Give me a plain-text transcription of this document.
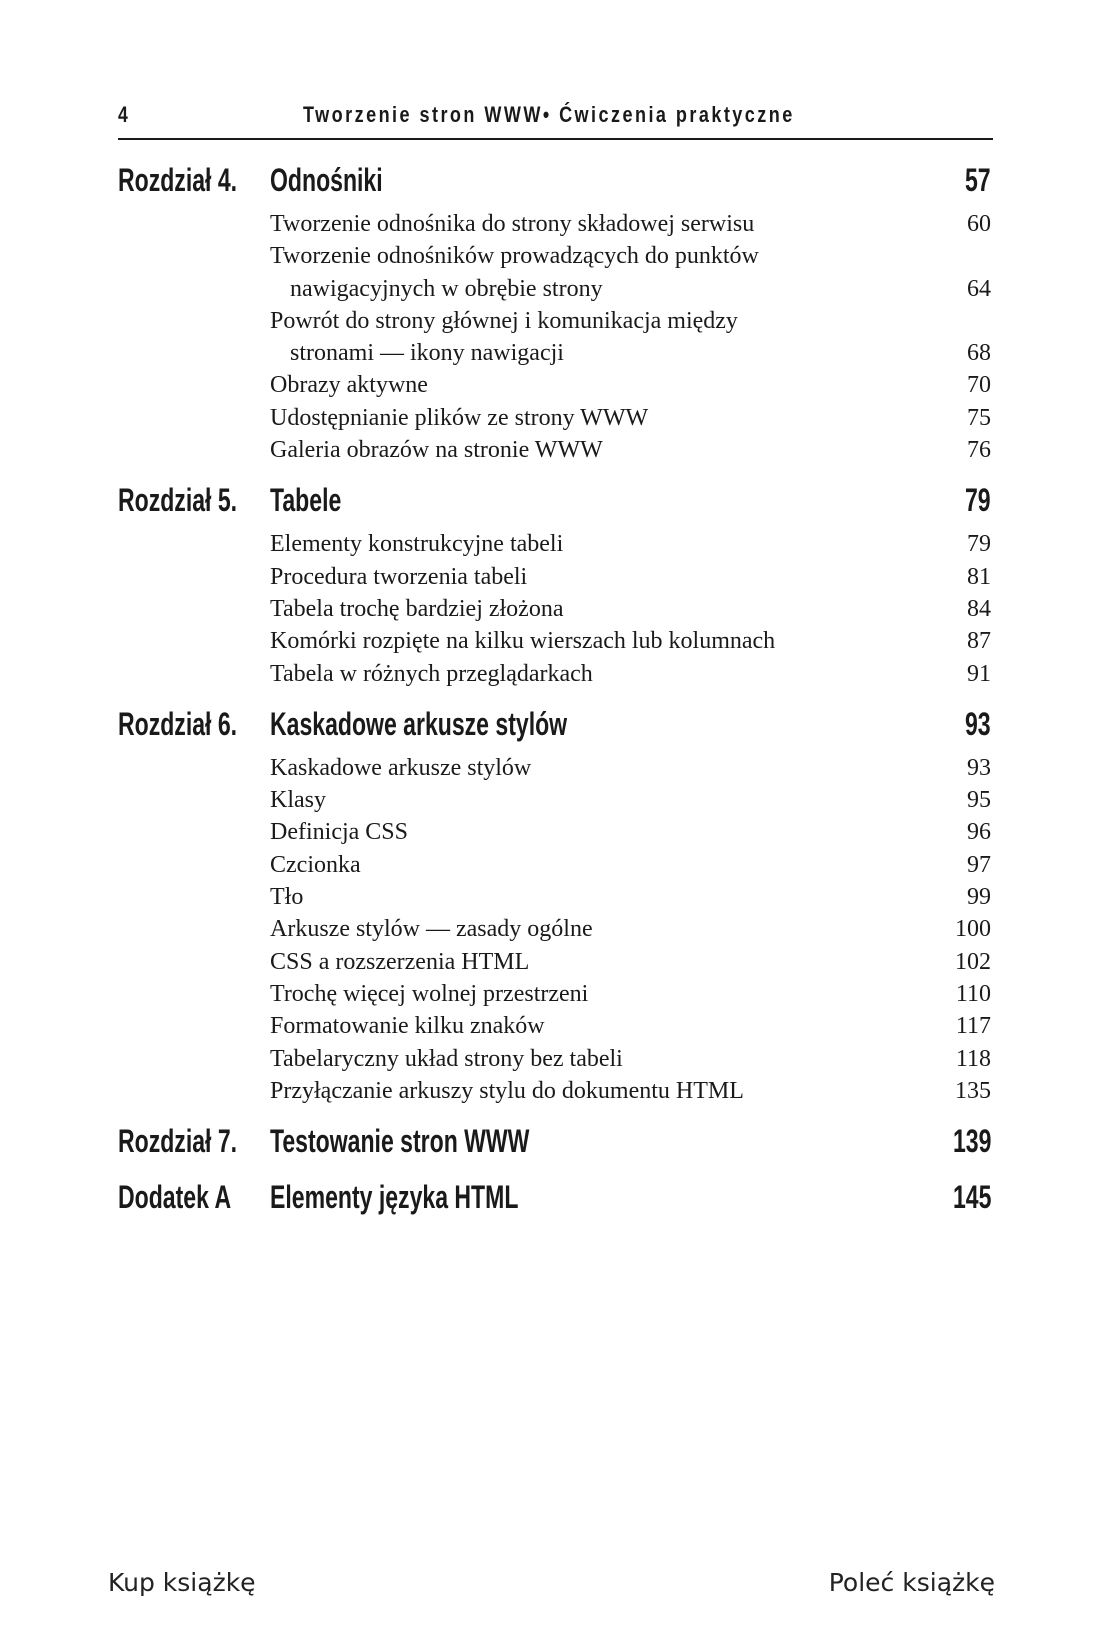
4	Tworzenie stron WWW• Ćwiczenia praktyczne
Rozdział 4. Odnośniki	57
Tworzenie odnośnika do strony składowej serwisu	60
Tworzenie odnośników prowadzących do punktów
nawigacyjnych w obrębie strony	64
Powrót do strony głównej i komunikacja między
stronami — ikony nawigacji	68
Obrazy aktywne	70
Udostępnianie plików ze strony WWW	75
Galeria obrazów na stronie WWW	76
Rozdział 5. Tabele	79
Elementy konstrukcyjne tabeli	79
Procedura tworzenia tabeli	81
Tabela trochę bardziej złożona	84
Komórki rozpięte na kilku wierszach lub kolumnach	87
Tabela w różnych przeglądarkach	91
Rozdział 6. Kaskadowe arkusze stylów	93
Kaskadowe arkusze stylów	93
Klasy	95
Definicja CSS	96
Czcionka	97
Tło	99
Arkusze stylów — zasady ogólne	100
CSS a rozszerzenia HTML	102
Trochę więcej wolnej przestrzeni	110
Formatowanie kilku znaków	117
Tabelaryczny układ strony bez tabeli	118
Przyłączanie arkuszy stylu do dokumentu HTML	135
Rozdział 7. Testowanie stron WWW	139
Dodatek A Elementy języka HTML	145
Kup książkę	Poleć książkę
